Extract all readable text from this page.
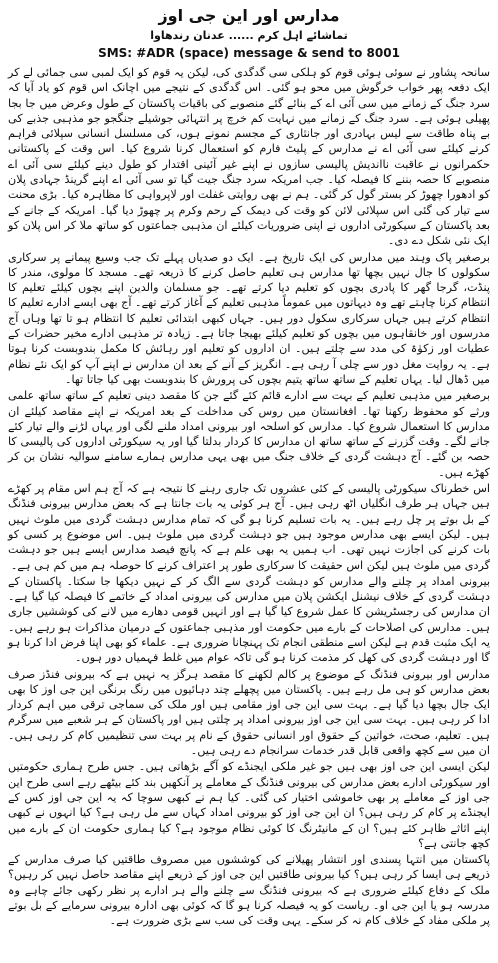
مدارس اور این جی اوز
تماشائے اہل کرم ...... عدنان رندھاوا
SMS: #ADR (space) message & send to 8001

سانحہ پشاور نے سوئی ہوئی قوم کو ہلکی سی گدگدی کی، لیکن یہ قوم کو ایک لمبی سی جمائی لے کر ایک دفعہ پھر خواب خرگوش میں محو ہو گئی۔ اس گدگدی کے نتیجے میں اچانک اس قوم کو یاد آیا کہ سرد جنگ کے زمانے میں سی آئی اے کے بنائے گئے منصوبے کی باقیات پاکستان کے طول وعرض میں جا بجا پھیلی ہوئی ہے۔ سرد جنگ کے زمانے میں نہایت کم خرچ پر انتہائی جوشیلے جنگجو جو مذہبی جذبے کی بے پناہ طاقت سے لیس بہادری اور جانثاری کے مجسم نمونے ہوں، کی مسلسل انسانی سپلائی فراہم کرنے کیلئے سی آئی اے نے مدارس کے پلیٹ فارم کو استعمال کرنا شروع کیا۔ اس وقت کے پاکستانی حکمرانوں نے عاقبت نااندیش پالیسی سازوں نے اپنے غیر آئینی اقتدار کو طول دینے کیلئے سی آئی اے منصوبے کا حصہ بننے کا فیصلہ کیا۔ جب امریکہ سرد جنگ جیت گیا تو سی آئی اے اپنے گرینڈ جہادی پلان کو ادھورا چھوڑ کر بستر گول کر گئی۔ ہم نے بھی روایتی غفلت اور لاپرواہی کا مظاہرہ کیا۔ بڑی محنت سے تیار کی گئی اس سپلائی لائن کو وقت کی دیمک کے رحم وکرم پر چھوڑ دیا گیا۔ امریکہ کے جانے کے بعد پاکستان کے سیکورٹی اداروں نے اپنی ضروریات کیلئے ان مذہبی جماعتوں کو ساتھ ملا کر اس پلان کو ایک نئی شکل دے دی۔

برصغیر پاک وہند میں مدارس کی ایک تاریخ ہے۔ ایک دو صدیاں پہلے تک جب وسیع پیمانے پر سرکاری سکولوں کا جال نہیں بچھا تھا مدارس ہی تعلیم حاصل کرنے کا ذریعہ تھے۔ مسجد کا مولوی، مندر کا پنڈت، گرجا گھر کا پادری بچوں کو تعلیم دیا کرتے تھے۔ جو مسلمان والدین اپنے بچوں کیلئے تعلیم کا انتظام کرنا چاہتے تھے وہ دیہاتوں میں عموماً مذہبی تعلیم کے آغاز کرتے تھے۔ آج بھی ایسے ادارے تعلیم کا انتظام کرتے ہیں جہاں سرکاری سکول دور ہیں۔ جہاں کبھی ابتدائی تعلیم کا انتظام ہو تا تھا وہاں آج مدرسوں اور خانقاہوں میں بچوں کو تعلیم کیلئے بھیجا جاتا ہے۔ زیادہ تر مذہبی ادارے مخیر حضرات کے عطیات اور زکوٰۃ کی مدد سے چلتے ہیں۔ ان اداروں کو تعلیم اور رہائش کا مکمل بندوبست کرنا ہوتا ہے۔ یہ روایت مغل دور سے چلی آ رہی ہے۔ انگریز کے آنے کے بعد ان مدارس نے اپنے آپ کو ایک نئے نظام میں ڈھال لیا۔ یہاں تعلیم کے ساتھ ساتھ یتیم بچوں کی پرورش کا بندوبست بھی کیا جاتا تھا۔

برصغیر میں مذہبی تعلیم کے بہت سے ادارے قائم کئے گئے جن کا مقصد دینی تعلیم کے ساتھ ساتھ علمی ورثے کو محفوظ رکھنا تھا۔ افغانستان میں روس کی مداخلت کے بعد امریکہ نے اپنے مقاصد کیلئے ان مدارس کا استعمال شروع کیا۔ مدارس کو اسلحہ اور بیرونی امداد ملنے لگی اور یہاں لڑنے والے تیار کئے جانے لگے۔ وقت گزرنے کے ساتھ ساتھ ان مدارس کا کردار بدلتا گیا اور یہ سیکورٹی اداروں کی پالیسی کا حصہ بن گئے۔ آج دہشت گردی کے خلاف جنگ میں بھی یہی مدارس ہمارے سامنے سوالیہ نشان بن کر کھڑے ہیں۔

اس خطرناک سیکورٹی پالیسی کے کئی عشروں تک جاری رہنے کا نتیجہ ہے کہ آج ہم اس مقام پر کھڑے ہیں جہاں ہر طرف انگلیاں اٹھ رہی ہیں۔ آج ہر کوئی یہ بات جانتا ہے کہ بعض مدارس بیرونی فنڈنگ کے بل بوتے پر چل رہے ہیں۔ یہ بات تسلیم کرنا ہو گی کہ تمام مدارس دہشت گردی میں ملوث نہیں ہیں۔ لیکن ایسے بھی مدارس موجود ہیں جو دہشت گردی میں ملوث ہیں۔ اس موضوع پر کسی کو بات کرنے کی اجازت نہیں تھی۔ اب ہمیں یہ بھی علم ہے کہ پانچ فیصد مدارس ایسے ہیں جو دہشت گردی میں ملوث ہیں لیکن اس حقیقت کا سرکاری طور پر اعتراف کرنے کا حوصلہ ہم میں کم ہی ہے۔

بیرونی امداد پر چلنے والے مدارس کو دہشت گردی سے الگ کر کے نہیں دیکھا جا سکتا۔ پاکستان کے دہشت گردی کے خلاف نیشنل ایکشن پلان میں مدارس کی بیرونی امداد کے خاتمے کا فیصلہ کیا گیا ہے۔ ان مدارس کی رجسٹریشن کا عمل شروع کیا گیا ہے اور انہیں قومی دھارے میں لانے کی کوششیں جاری ہیں۔ مدارس کی اصلاحات کے بارے میں حکومت اور مذہبی جماعتوں کے درمیان مذاکرات ہو رہے ہیں۔ یہ ایک مثبت قدم ہے لیکن اسے منطقی انجام تک پہنچانا ضروری ہے۔ علماء کو بھی اپنا فرض ادا کرنا ہو گا اور دہشت گردی کی کھل کر مذمت کرنا ہو گی تاکہ عوام میں غلط فہمیاں دور ہوں۔

مدارس اور بیرونی فنڈنگ کے موضوع پر کالم لکھنے کا مقصد ہرگز یہ نہیں ہے کہ بیرونی فنڈز صرف بعض مدارس کو ہی مل رہے ہیں۔ پاکستان میں پچھلے چند دہائیوں میں رنگ برنگی این جی اوز کا بھی ایک جال بچھا دیا گیا ہے۔ بہت سی این جی اوز مقامی ہیں اور ملک کی سماجی ترقی میں اہم کردار ادا کر رہی ہیں۔ بہت سی این جی اوز بیرونی امداد پر چلتی ہیں اور پاکستان کے ہر شعبے میں سرگرم ہیں۔ تعلیم، صحت، خواتین کے حقوق اور انسانی حقوق کے نام پر بہت سی تنظیمیں کام کر رہی ہیں۔ ان میں سے کچھ واقعی قابل قدر خدمات سرانجام دے رہی ہیں۔

لیکن ایسی این جی اوز بھی ہیں جو غیر ملکی ایجنڈے کو آگے بڑھاتی ہیں۔ جس طرح ہماری حکومتیں اور سیکورٹی ادارے بعض مدارس کی بیرونی فنڈنگ کے معاملے پر آنکھیں بند کئے بیٹھے رہے اسی طرح این جی اوز کے معاملے پر بھی خاموشی اختیار کی گئی۔ کیا ہم نے کبھی سوچا کہ یہ این جی اوز کس کے ایجنڈے پر کام کر رہی ہیں؟ ان این جی اوز کو بیرونی امداد کہاں سے مل رہی ہے؟ کیا انہوں نے کبھی اپنے اثاثے ظاہر کئے ہیں؟ ان کے مانیٹرنگ کا کوئی نظام موجود ہے؟ کیا ہماری حکومت ان کے بارے میں کچھ جانتی ہے؟

پاکستان میں انتہا پسندی اور انتشار پھیلانے کی کوششوں میں مصروف طاقتیں کیا صرف مدارس کے ذریعے ہی ایسا کر رہی ہیں؟ کیا بیرونی طاقتیں این جی اوز کے ذریعے اپنے مقاصد حاصل نہیں کر رہیں؟ ملک کے دفاع کیلئے ضروری ہے کہ بیرونی فنڈنگ سے چلنے والے ہر ادارے پر نظر رکھی جائے چاہے وہ مدرسہ ہو یا این جی او۔ ریاست کو یہ فیصلہ کرنا ہو گا کہ کوئی بھی ادارہ بیرونی سرمایے کے بل بوتے پر ملکی مفاد کے خلاف کام نہ کر سکے۔ یہی وقت کی سب سے بڑی ضرورت ہے۔
